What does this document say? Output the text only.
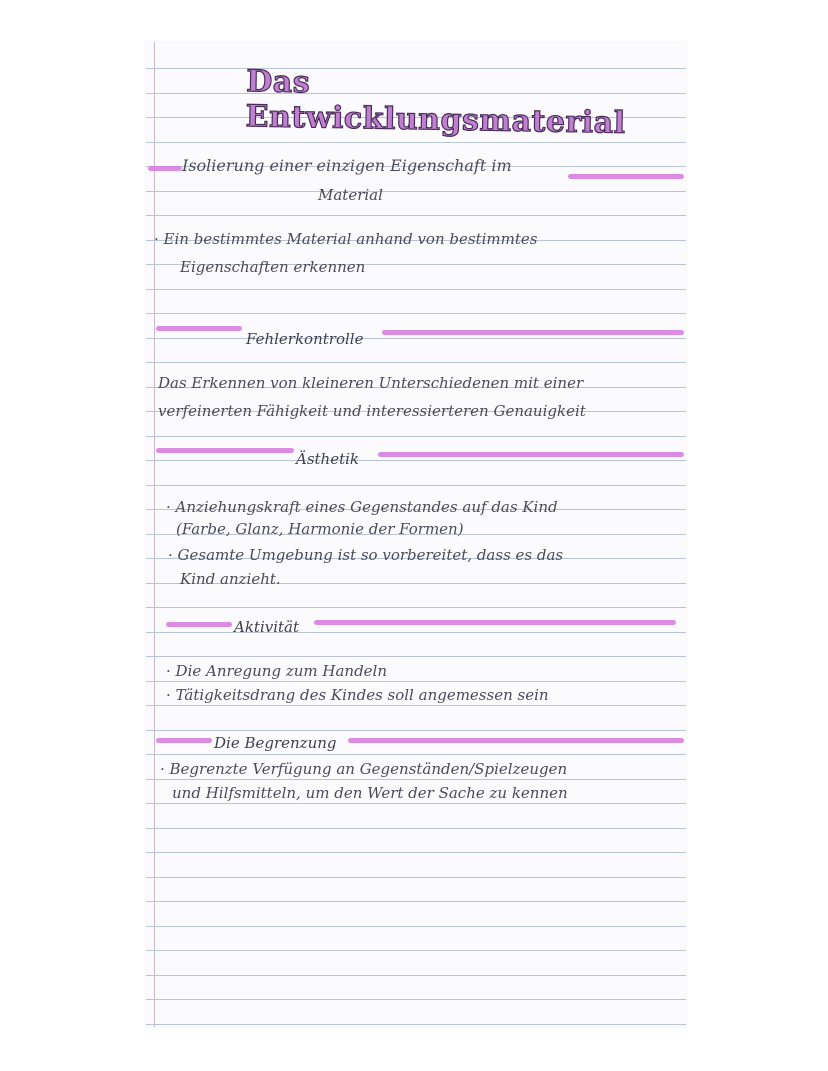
Das Entwicklungsmaterial
Isolierung einer einzigen Eigenschaft im
Material
· Ein bestimmtes Material anhand von bestimmtes
Eigenschaften erkennen
Fehlerkontrolle
Das Erkennen von kleineren Unterschiedenen mit einer
verfeinerten Fähigkeit und interessierteren Genauigkeit
Ästhetik
· Anziehungskraft eines Gegenstandes auf das Kind
(Farbe, Glanz, Harmonie der Formen)
· Gesamte Umgebung ist so vorbereitet, dass es das
Kind anzieht.
Aktivität
· Die Anregung zum Handeln
· Tätigkeitsdrang des Kindes soll angemessen sein
Die Begrenzung
· Begrenzte Verfügung an Gegenständen/Spielzeugen
und Hilfsmitteln, um den Wert der Sache zu kennen
